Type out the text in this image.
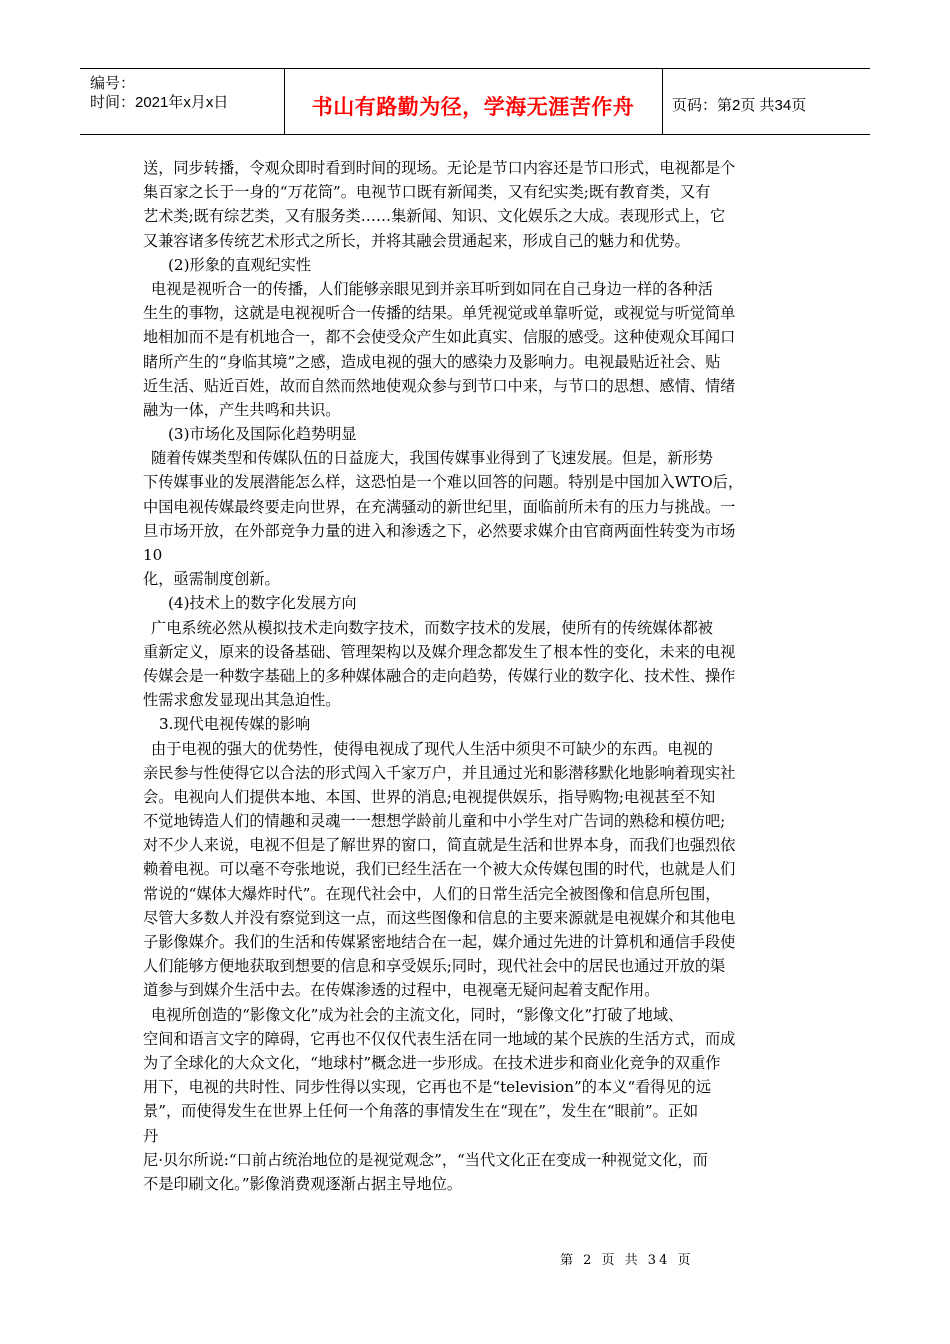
编号：
时间：2021年x月x日	书山有路勤为径，学海无涯苦作舟	页码：第2页 共34页
送，同步转播，令观众即时看到时间的现场。无论是节口内容还是节口形式，电视都是个
集百家之长于一身的“万花筒”。电视节口既有新闻类，又有纪实类;既有教育类，又有
艺术类;既有综艺类，又有服务类……集新闻、知识、文化娱乐之大成。表现形式上，它
又兼容诸多传统艺术形式之所长，并将其融会贯通起来，形成自己的魅力和优势。
(2)形象的直观纪实性
电视是视听合一的传播，人们能够亲眼见到并亲耳听到如同在自己身边一样的各种活
生生的事物，这就是电视视听合一传播的结果。单凭视觉或单靠听觉，或视觉与听觉简单
地相加而不是有机地合一，都不会使受众产生如此真实、信服的感受。这种使观众耳闻口
睹所产生的“身临其境”之感，造成电视的强大的感染力及影响力。电视最贴近社会、贴
近生活、贴近百姓，故而自然而然地使观众参与到节口中来，与节口的思想、感情、情绪
融为一体，产生共鸣和共识。
(3)市场化及国际化趋势明显
随着传媒类型和传媒队伍的日益庞大，我国传媒事业得到了飞速发展。但是，新形势
下传媒事业的发展潜能怎么样，这恐怕是一个难以回答的问题。特别是中国加入WTO后，
中国电视传媒最终要走向世界，在充满骚动的新世纪里，面临前所未有的压力与挑战。一
旦市场开放，在外部竞争力量的进入和渗透之下，必然要求媒介由官商两面性转变为市场
10
化，亟需制度创新。
(4)技术上的数字化发展方向
广电系统必然从模拟技术走向数字技术，而数字技术的发展，使所有的传统媒体都被
重新定义，原来的设备基础、管理架构以及媒介理念都发生了根本性的变化，未来的电视
传媒会是一种数字基础上的多种媒体融合的走向趋势，传媒行业的数字化、技术性、操作
性需求愈发显现出其急迫性。
3.现代电视传媒的影响
由于电视的强大的优势性，使得电视成了现代人生活中须臾不可缺少的东西。电视的
亲民参与性使得它以合法的形式闯入千家万户，并且通过光和影潜移默化地影响着现实社
会。电视向人们提供本地、本国、世界的消息;电视提供娱乐，指导购物;电视甚至不知
不觉地铸造人们的情趣和灵魂一一想想学龄前儿童和中小学生对广告词的熟稔和模仿吧;
对不少人来说，电视不但是了解世界的窗口，简直就是生活和世界本身，而我们也强烈依
赖着电视。可以毫不夸张地说，我们已经生活在一个被大众传媒包围的时代，也就是人们
常说的“媒体大爆炸时代”。在现代社会中，人们的日常生活完全被图像和信息所包围，
尽管大多数人并没有察觉到这一点，而这些图像和信息的主要来源就是电视媒介和其他电
子影像媒介。我们的生活和传媒紧密地结合在一起，媒介通过先进的计算机和通信手段使
人们能够方便地获取到想要的信息和享受娱乐;同时，现代社会中的居民也通过开放的渠
道参与到媒介生活中去。在传媒渗透的过程中，电视毫无疑问起着支配作用。
电视所创造的“影像文化”成为社会的主流文化，同时，“影像文化”打破了地域、
空间和语言文字的障碍，它再也不仅仅代表生活在同一地域的某个民族的生活方式，而成
为了全球化的大众文化，“地球村”概念进一步形成。在技术进步和商业化竞争的双重作
用下，电视的共时性、同步性得以实现，它再也不是“television”的本义“看得见的远
景”，而使得发生在世界上任何一个角落的事情发生在“现在”，发生在“眼前”。正如
丹
尼·贝尔所说:“口前占统治地位的是视觉观念”，“当代文化正在变成一种视觉文化，而
不是印刷文化。”影像消费观逐渐占据主导地位。
第 2 页 共 34 页
